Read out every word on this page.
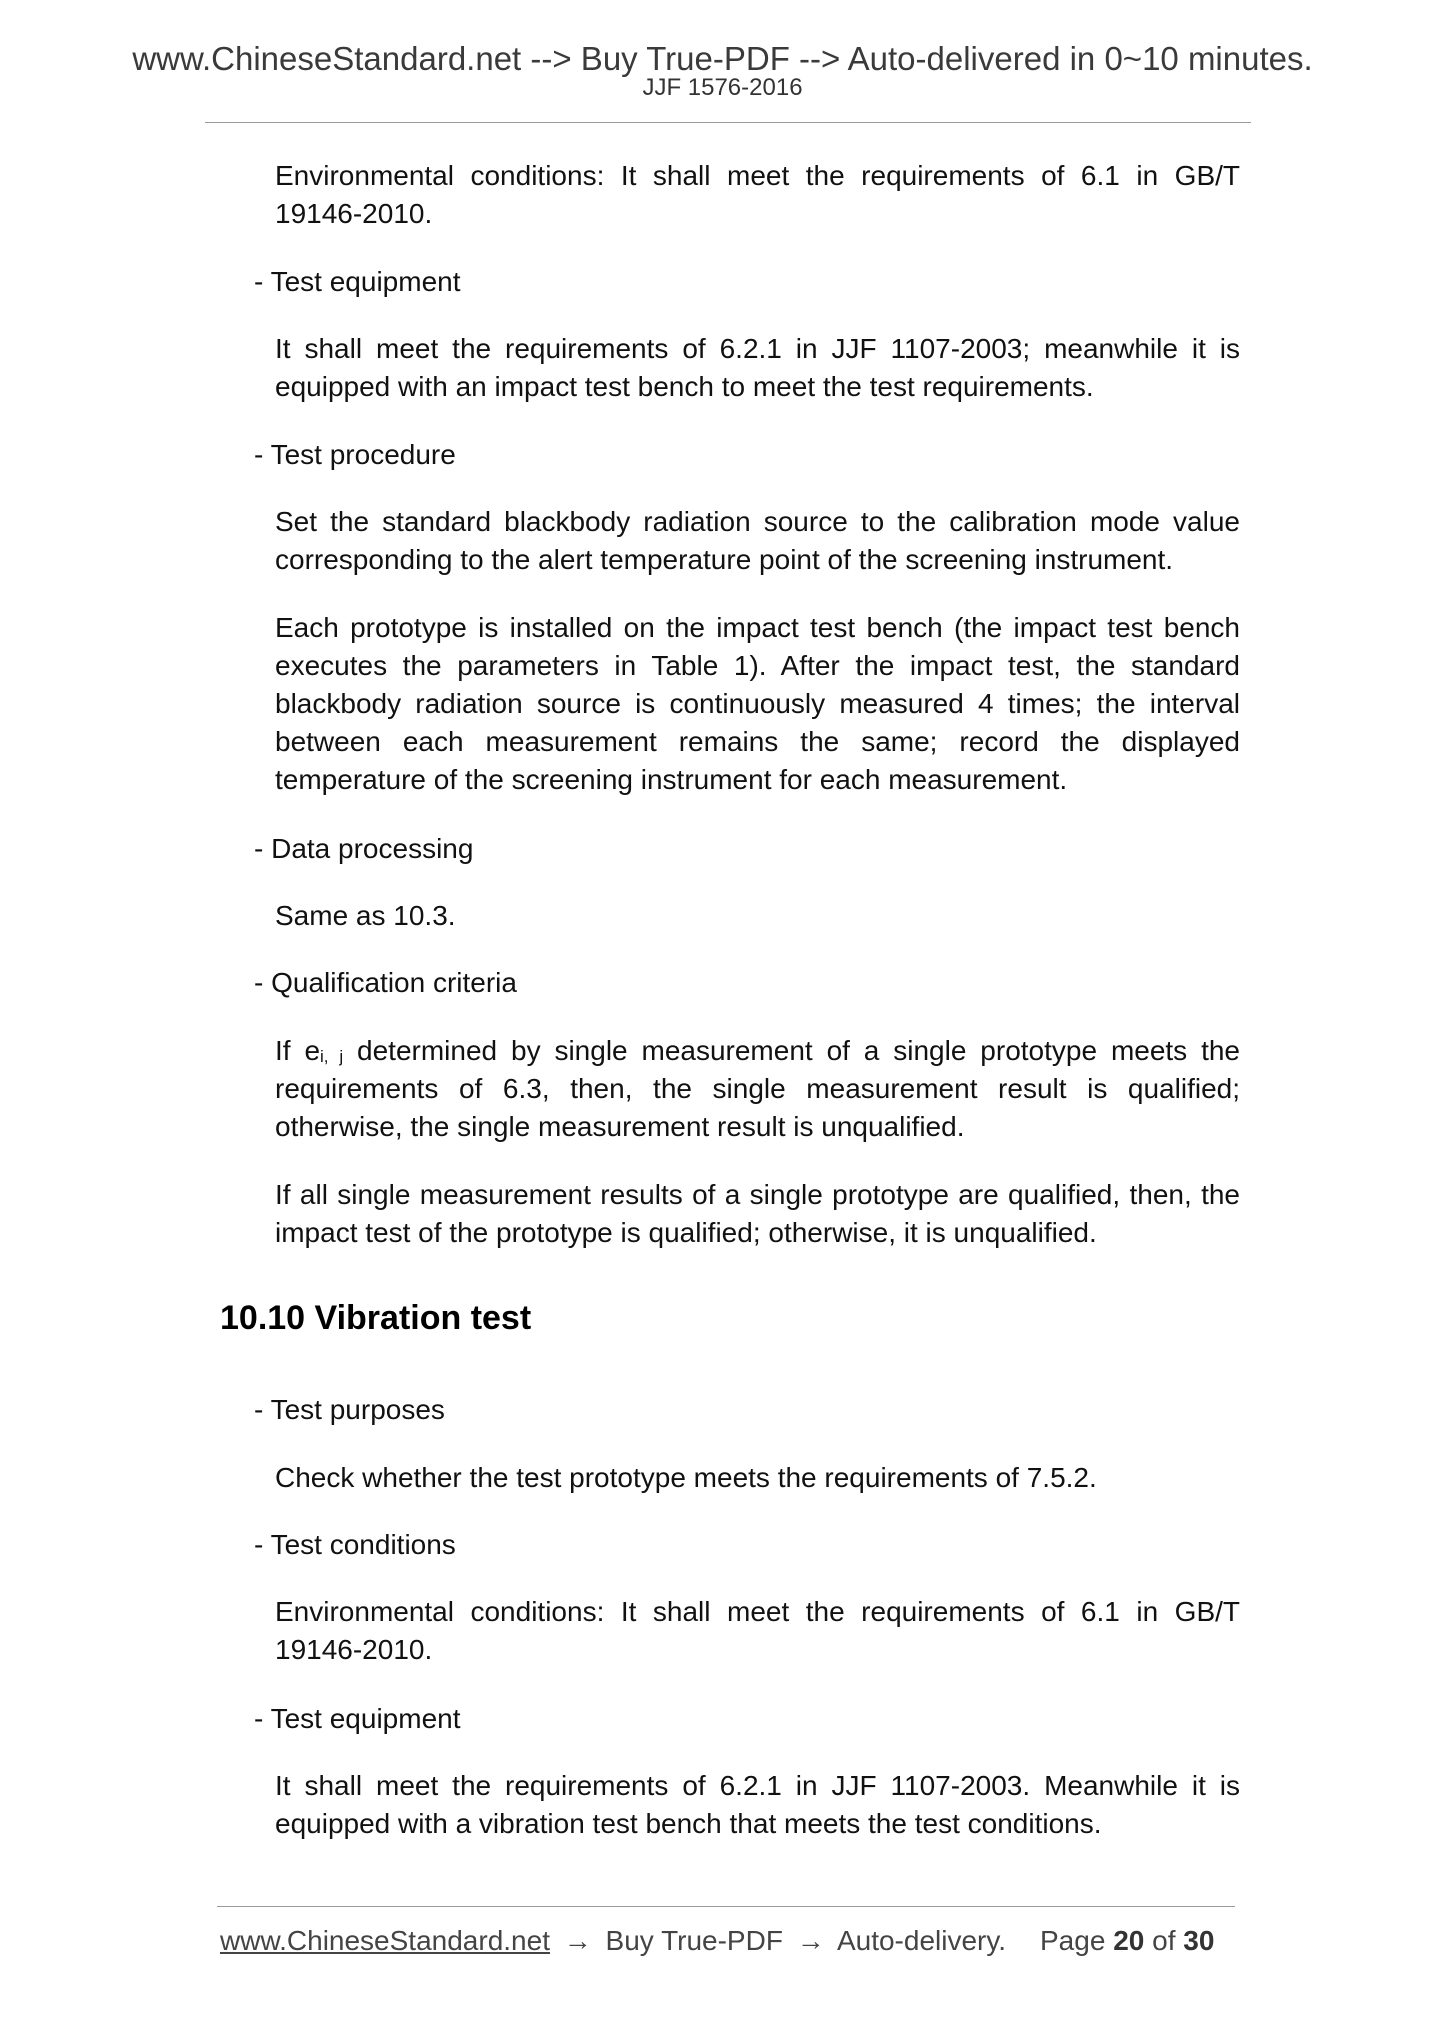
www.ChineseStandard.net --> Buy True-PDF --> Auto-delivered in 0~10 minutes.
JJF 1576-2016
Environmental conditions: It shall meet the requirements of 6.1 in GB/T 19146-2010.
- Test equipment
It shall meet the requirements of 6.2.1 in JJF 1107-2003; meanwhile it is equipped with an impact test bench to meet the test requirements.
- Test procedure
Set the standard blackbody radiation source to the calibration mode value corresponding to the alert temperature point of the screening instrument.
Each prototype is installed on the impact test bench (the impact test bench executes the parameters in Table 1). After the impact test, the standard blackbody radiation source is continuously measured 4 times; the interval between each measurement remains the same; record the displayed temperature of the screening instrument for each measurement.
- Data processing
Same as 10.3.
- Qualification criteria
If $e_{i, j}$ determined by single measurement of a single prototype meets the requirements of 6.3, then, the single measurement result is qualified; otherwise, the single measurement result is unqualified.
If all single measurement results of a single prototype are qualified, then, the impact test of the prototype is qualified; otherwise, it is unqualified.
10.10 Vibration test
- Test purposes
Check whether the test prototype meets the requirements of 7.5.2.
- Test conditions
Environmental conditions: It shall meet the requirements of 6.1 in GB/T 19146-2010.
- Test equipment
It shall meet the requirements of 6.2.1 in JJF 1107-2003. Meanwhile it is equipped with a vibration test bench that meets the test conditions.
www.ChineseStandard.net → Buy True-PDF → Auto-delivery. Page 20 of 30
